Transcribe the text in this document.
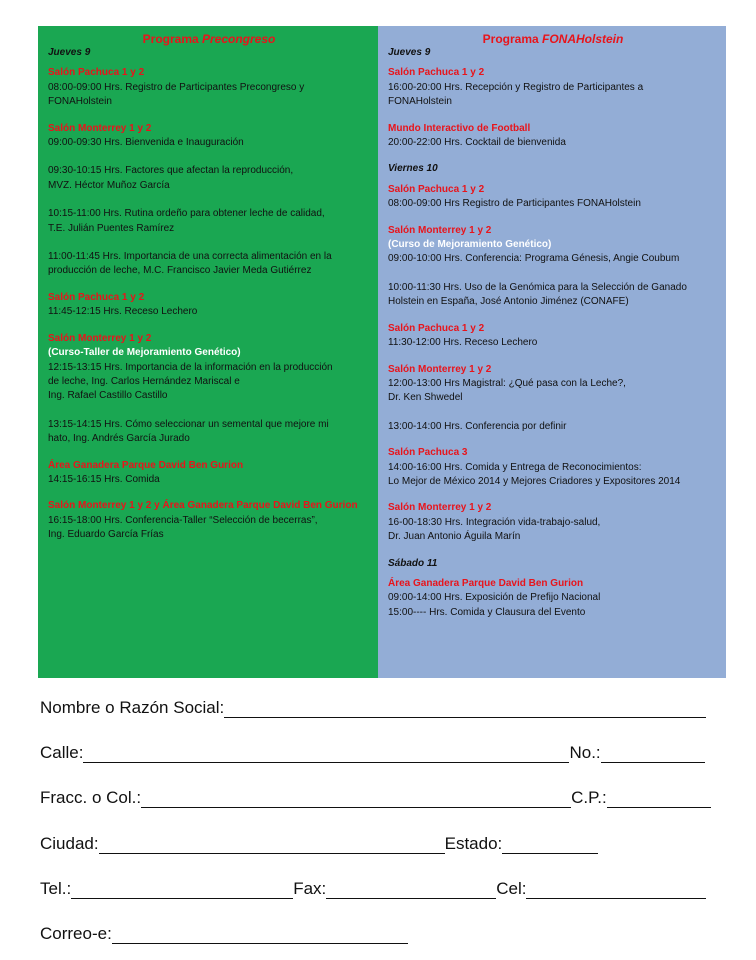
Programa Precongreso
Jueves 9
Salón Pachuca 1 y 2
08:00-09:00 Hrs. Registro de Participantes Precongreso y
FONAHolstein
Salón Monterrey 1 y 2
09:00-09:30 Hrs. Bienvenida e Inauguración
09:30-10:15 Hrs. Factores que afectan la reproducción,
MVZ. Héctor Muñoz García
10:15-11:00 Hrs. Rutina ordeño para obtener leche de calidad,
T.E. Julián Puentes Ramírez
11:00-11:45 Hrs. Importancia de una correcta alimentación en la
producción de leche, M.C. Francisco Javier Meda Gutiérrez
Salón Pachuca 1 y 2
11:45-12:15 Hrs. Receso Lechero
Salón Monterrey 1 y 2
(Curso-Taller de Mejoramiento Genético)
12:15-13:15 Hrs. Importancia de la información en la producción
de leche, Ing. Carlos Hernández Mariscal e
Ing. Rafael Castillo Castillo
13:15-14:15 Hrs. Cómo seleccionar un semental que mejore mi
hato, Ing. Andrés García Jurado
Área Ganadera Parque David Ben Gurion
14:15-16:15 Hrs. Comida
Salón Monterrey 1 y 2 y Área Ganadera Parque David Ben Gurion
16:15-18:00 Hrs. Conferencia-Taller “Selección de becerras”,
Ing. Eduardo García Frías
Programa FONAHolstein
Jueves 9
Salón Pachuca 1 y 2
16:00-20:00 Hrs. Recepción y Registro de Participantes a
FONAHolstein
Mundo Interactivo de Football
20:00-22:00 Hrs. Cocktail de bienvenida
Viernes 10
Salón Pachuca 1 y 2
08:00-09:00 Hrs Registro de Participantes FONAHolstein
Salón Monterrey 1 y 2
(Curso de Mejoramiento Genético)
09:00-10:00 Hrs. Conferencia: Programa Génesis, Angie Coubum
10:00-11:30 Hrs. Uso de la Genómica para la Selección de Ganado
Holstein en España, José Antonio Jiménez (CONAFE)
Salón Pachuca 1 y 2
11:30-12:00 Hrs. Receso Lechero
Salón Monterrey 1 y 2
12:00-13:00 Hrs Magistral: ¿Qué pasa con la Leche?,
Dr. Ken Shwedel
13:00-14:00 Hrs. Conferencia por definir
Salón Pachuca 3
14:00-16:00 Hrs. Comida y Entrega de Reconocimientos:
Lo Mejor de México 2014 y Mejores Criadores y Expositores 2014
Salón Monterrey 1 y 2
16-00-18:30 Hrs. Integración vida-trabajo-salud,
Dr. Juan Antonio Águila Marín
Sábado 11
Área Ganadera Parque David Ben Gurion
09:00-14:00 Hrs. Exposición de Prefijo Nacional
15:00---- Hrs. Comida y Clausura del Evento
Nombre o Razón Social:
Calle:	No.:
Fracc. o Col.:	C.P.:
Ciudad:	Estado:
Tel.:	Fax:	Cel:
Correo-e:
